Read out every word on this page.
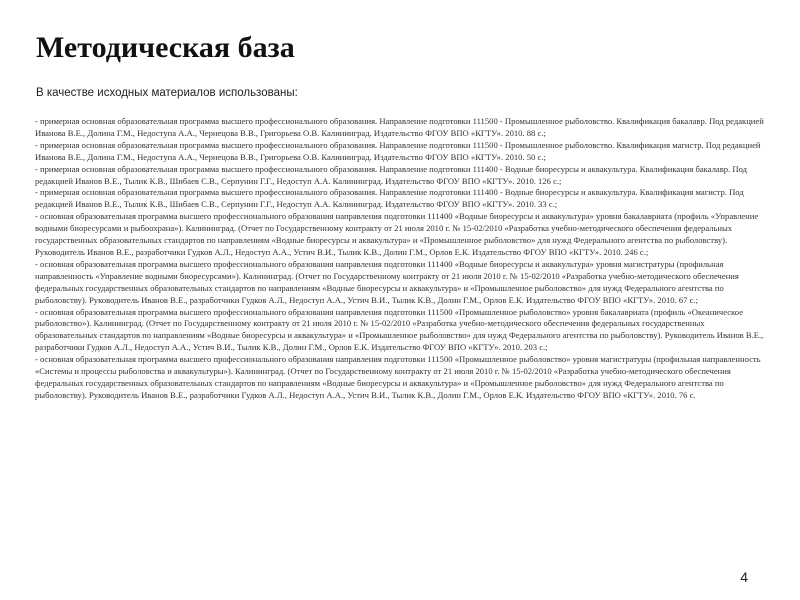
Методическая база

В качестве исходных материалов использованы:

- примерная основная образовательная программа высшего профессионального образования. Направление подготовки 111500 - Промышленное рыболовство. Квалификация бакалавр. Под редакцией Иванова В.Е., Долина Г.М., Недоступа А.А., Чернецова В.В., Григорьева О.В. Калининград. Издательство ФГОУ ВПО «КГТУ». 2010. 88 с.;
- примерная основная образовательная программа высшего профессионального образования. Направление подготовки 111500 - Промышленное рыболовство. Квалификация магистр. Под редакцией Иванова В.Е., Долина Г.М., Недоступа А.А., Чернецова В.В., Григорьева О.В. Калининград. Издательство ФГОУ ВПО «КГТУ». 2010. 50 с.;
- примерная основная образовательная программа высшего профессионального образования. Направление подготовки 111400 - Водные биоресурсы и аквакультура. Квалификация бакалавр. Под редакцией Иванов В.Е., Тылик К.В., Шибаев С.В., Серпунин Г.Г., Недоступ А.А. Калининград. Издательство ФГОУ ВПО «КГТУ». 2010. 126 с.;
- примерная основная образовательная программа высшего профессионального образования. Направление подготовки 111400 - Водные биоресурсы и аквакультура. Квалификация магистр. Под редакцией Иванов В.Е., Тылик К.В., Шибаев С.В., Серпунин Г.Г., Недоступ А.А. Калининград. Издательство ФГОУ ВПО «КГТУ». 2010. 33 с.;
- основная образовательная программа высшего профессионального образования направления подготовки 111400 «Водные биоресурсы и аквакультура» уровня бакалавриата (профиль «Управление водными биоресурсами и рыбоохрана»). Калининград. (Отчет по Государственному контракту от 21 июля 2010 г. № 15-02/2010 «Разработка учебно-методического обеспечения федеральных государственных образовательных стандартов по направлениям «Водные биоресурсы и аквакультура» и «Промышленное рыболовство» для нужд Федерального агентства по рыболовству). Руководитель Иванов В.Е., разработчики Гудков А.Л., Недоступ А.А., Устич В.И., Тылик К.В., Долин Г.М., Орлов Е.К. Издательство ФГОУ ВПО «КГТУ». 2010. 246 с.;
- основная образовательная программа высшего профессионального образования направления подготовки 111400 «Водные биоресурсы и аквакультура» уровня магистратуры (профильная направленность «Управление водными биоресурсами»). Калининград. (Отчет по Государственному контракту от 21 июля 2010 г. № 15-02/2010 «Разработка учебно-методического обеспечения федеральных государственных образовательных стандартов по направлениям «Водные биоресурсы и аквакультура» и «Промышленное рыболовство» для нужд Федерального агентства по рыболовству). Руководитель Иванов В.Е., разработчики Гудков А.Л., Недоступ А.А., Устич В.И., Тылик К.В., Долин Г.М., Орлов Е.К. Издательство ФГОУ ВПО «КГТУ». 2010. 67 с.;
- основная образовательная программа высшего профессионального образования направления подготовки 111500 «Промышленное рыболовство» уровня бакалавриата (профиль «Океаническое рыболовство»). Калининград. (Отчет по Государственному контракту от 21 июля 2010 г. № 15-02/2010 «Разработка учебно-методического обеспечения федеральных государственных образовательных стандартов по направлениям «Водные биоресурсы и аквакультура» и «Промышленное рыболовство» для нужд Федерального агентства по рыболовству). Руководитель Иванов В.Е., разработчики Гудков А.Л., Недоступ А.А., Устич В.И., Тылик К.В., Долин Г.М., Орлов Е.К. Издательство ФГОУ ВПО «КГТУ». 2010. 203 с.;
- основная образовательная программа высшего профессионального образования направления подготовки 111500 «Промышленное рыболовство» уровня магистратуры (профильная направленность «Системы и процессы рыболовства и аквакультуры»). Калининград. (Отчет по Государственному контракту от 21 июля 2010 г. № 15-02/2010 «Разработка учебно-методического обеспечения федеральных государственных образовательных стандартов по направлениям «Водные биоресурсы и аквакультура» и «Промышленное рыболовство» для нужд Федерального агентства по рыболовству). Руководитель Иванов В.Е., разработчики Гудков А.Л., Недоступ А.А., Устич В.И., Тылик К.В., Долин Г.М., Орлов Е.К. Издательство ФГОУ ВПО «КГТУ». 2010. 76 с.
4
